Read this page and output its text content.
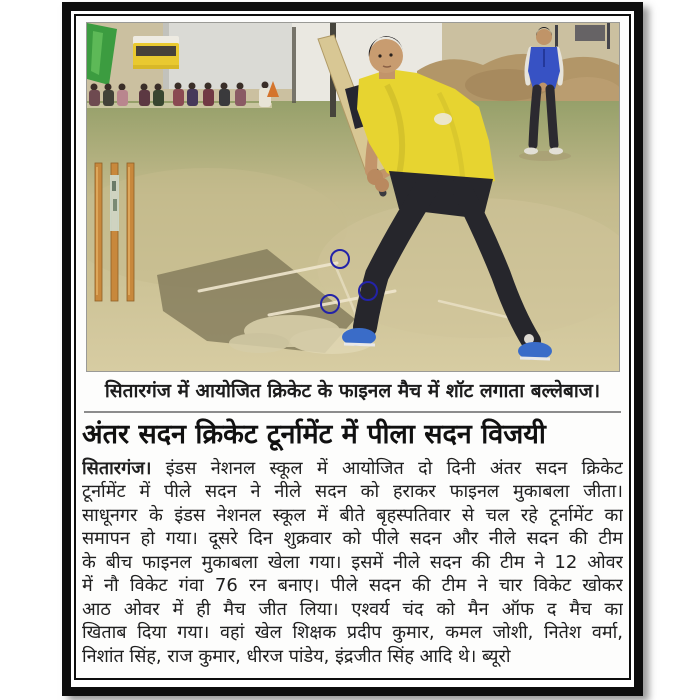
सितारगंज में आयोजित क्रिकेट के फाइनल मैच में शॉट लगाता बल्लेबाज।
अंतर सदन क्रिकेट टूर्नामेंट में पीला सदन विजयी
सितारगंज। इंडस नेशनल स्कूल में आयोजित दो दिनी अंतर सदन क्रिकेट
टूर्नामेंट में पीले सदन ने नीले सदन को हराकर फाइनल मुकाबला जीता।
साधूनगर के इंडस नेशनल स्कूल में बीते बृहस्पतिवार से चल रहे टूर्नामेंट का
समापन हो गया। दूसरे दिन शुक्रवार को पीले सदन और नीले सदन की टीम
के बीच फाइनल मुकाबला खेला गया। इसमें नीले सदन की टीम ने 12 ओवर
में नौ विकेट गंवा 76 रन बनाए। पीले सदन की टीम ने चार विकेट खोकर
आठ ओवर में ही मैच जीत लिया। एश्वर्य चंद को मैन ऑफ द मैच का
खिताब दिया गया। वहां खेल शिक्षक प्रदीप कुमार, कमल जोशी, नितेश वर्मा,
निशांत सिंह, राज कुमार, धीरज पांडेय, इंद्रजीत सिंह आदि थे। ब्यूरो
